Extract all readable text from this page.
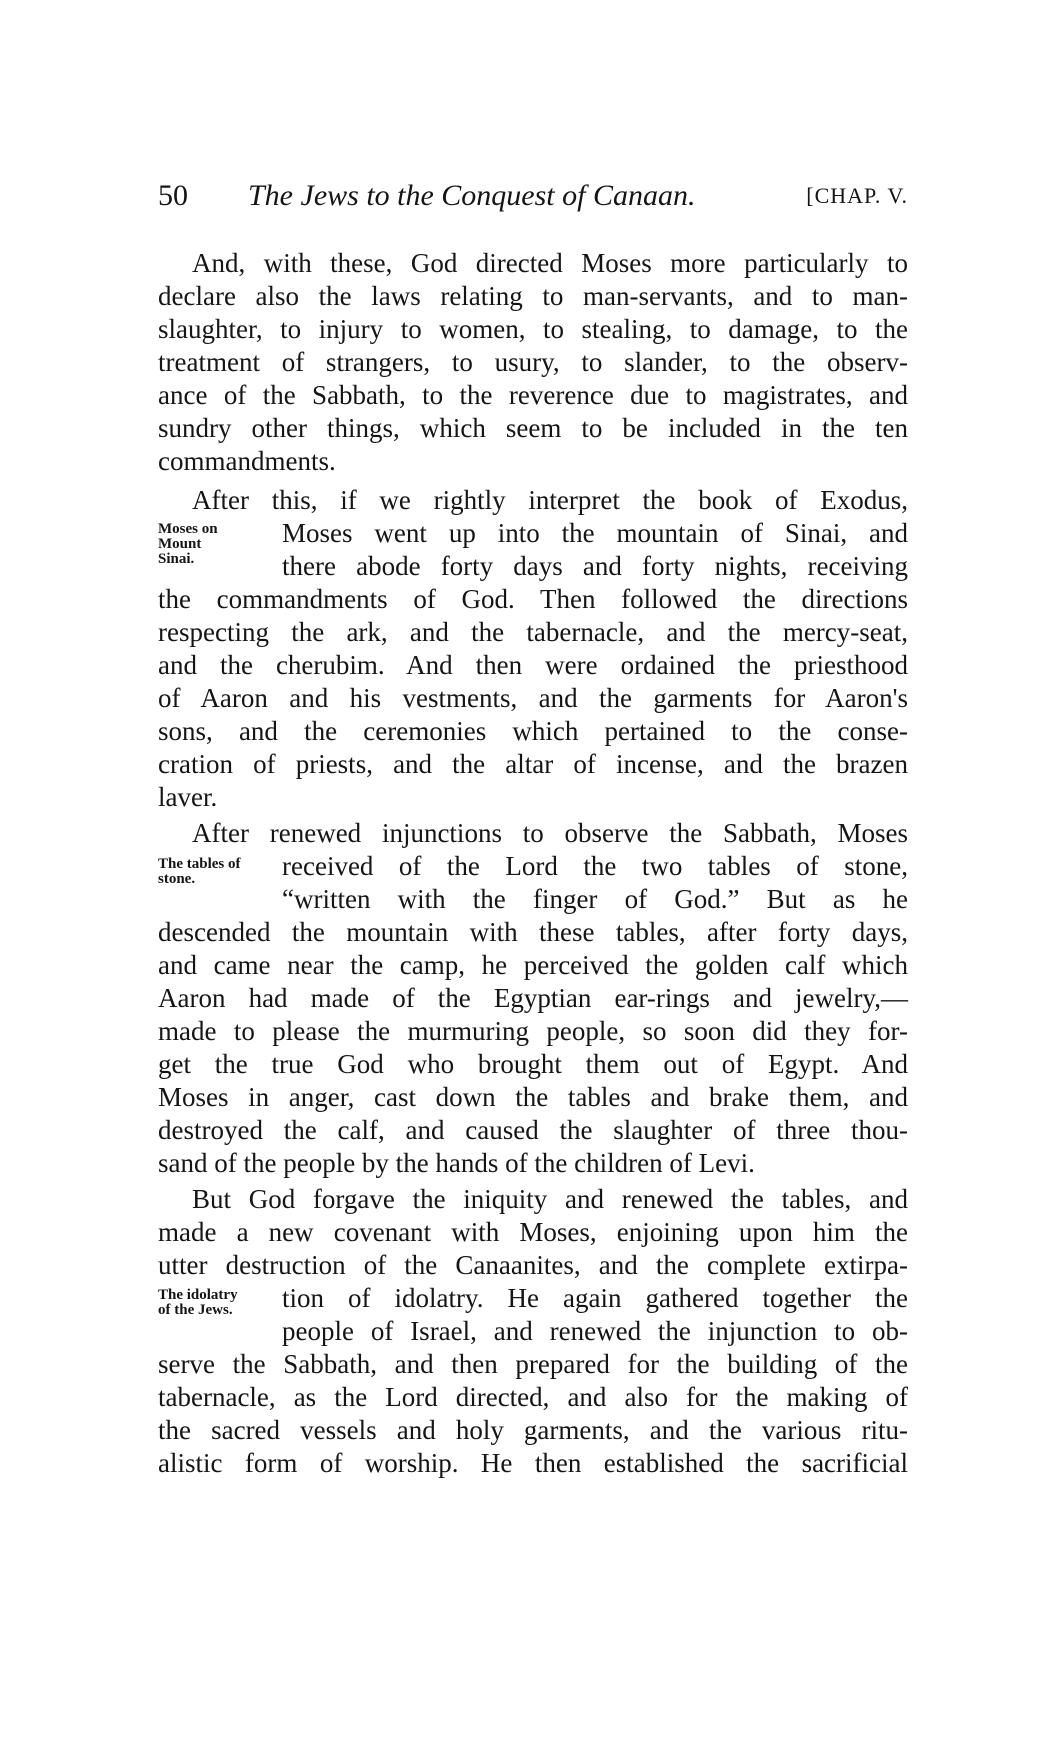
50 The Jews to the Conquest of Canaan.	[CHAP. V.
And, with these, God directed Moses more particularly to
declare also the laws relating to man-servants, and to man-
slaughter, to injury to women, to stealing, to damage, to the
treatment of strangers, to usury, to slander, to the observ-
ance of the Sabbath, to the reverence due to magistrates, and
sundry other things, which seem to be included in the ten
commandments.
After this, if we rightly interpret the book of Exodus,
Moses on
Mount
Sinai.
Moses went up into the mountain of Sinai, and
there abode forty days and forty nights, receiving
the commandments of God. Then followed the directions
respecting the ark, and the tabernacle, and the mercy-seat,
and the cherubim. And then were ordained the priesthood
of Aaron and his vestments, and the garments for Aaron's
sons, and the ceremonies which pertained to the conse-
cration of priests, and the altar of incense, and the brazen
laver.
After renewed injunctions to observe the Sabbath, Moses
The tables of
stone.	received of the Lord the two tables of stone,
“written with the finger of God.” But as he
descended the mountain with these tables, after forty days,
and came near the camp, he perceived the golden calf which
Aaron had made of the Egyptian ear-rings and jewelry,—
made to please the murmuring people, so soon did they for-
get the true God who brought them out of Egypt. And
Moses in anger, cast down the tables and brake them, and
destroyed the calf, and caused the slaughter of three thou-
sand of the people by the hands of the children of Levi.
But God forgave the iniquity and renewed the tables, and
made a new covenant with Moses, enjoining upon him the
utter destruction of the Canaanites, and the complete extirpa-
The idolatry
of the Jews.	tion of idolatry. He again gathered together the
people of Israel, and renewed the injunction to ob-
serve the Sabbath, and then prepared for the building of the
tabernacle, as the Lord directed, and also for the making of
the sacred vessels and holy garments, and the various ritu-
alistic form of worship. He then established the sacrificial
